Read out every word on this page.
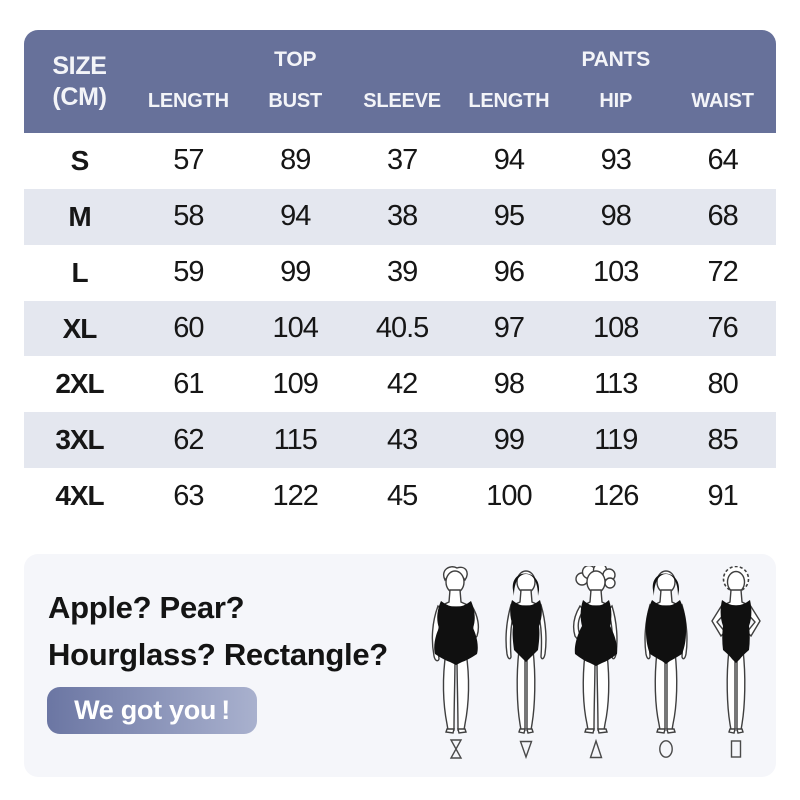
SIZE
(CM)
TOP	PANTS
LENGTH	BUST	SLEEVE	LENGTH	HIP	WAIST
S	57	89	37	94	93	64
M	58	94	38	95	98	68
L	59	99	39	96	103	72
XL	60	104	40.5	97	108	76
2XL	61	109	42	98	113	80
3XL	62	115	43	99	119	85
4XL	63	122	45	100	126	91
Apple? Pear?
Hourglass? Rectangle?
We got you !
